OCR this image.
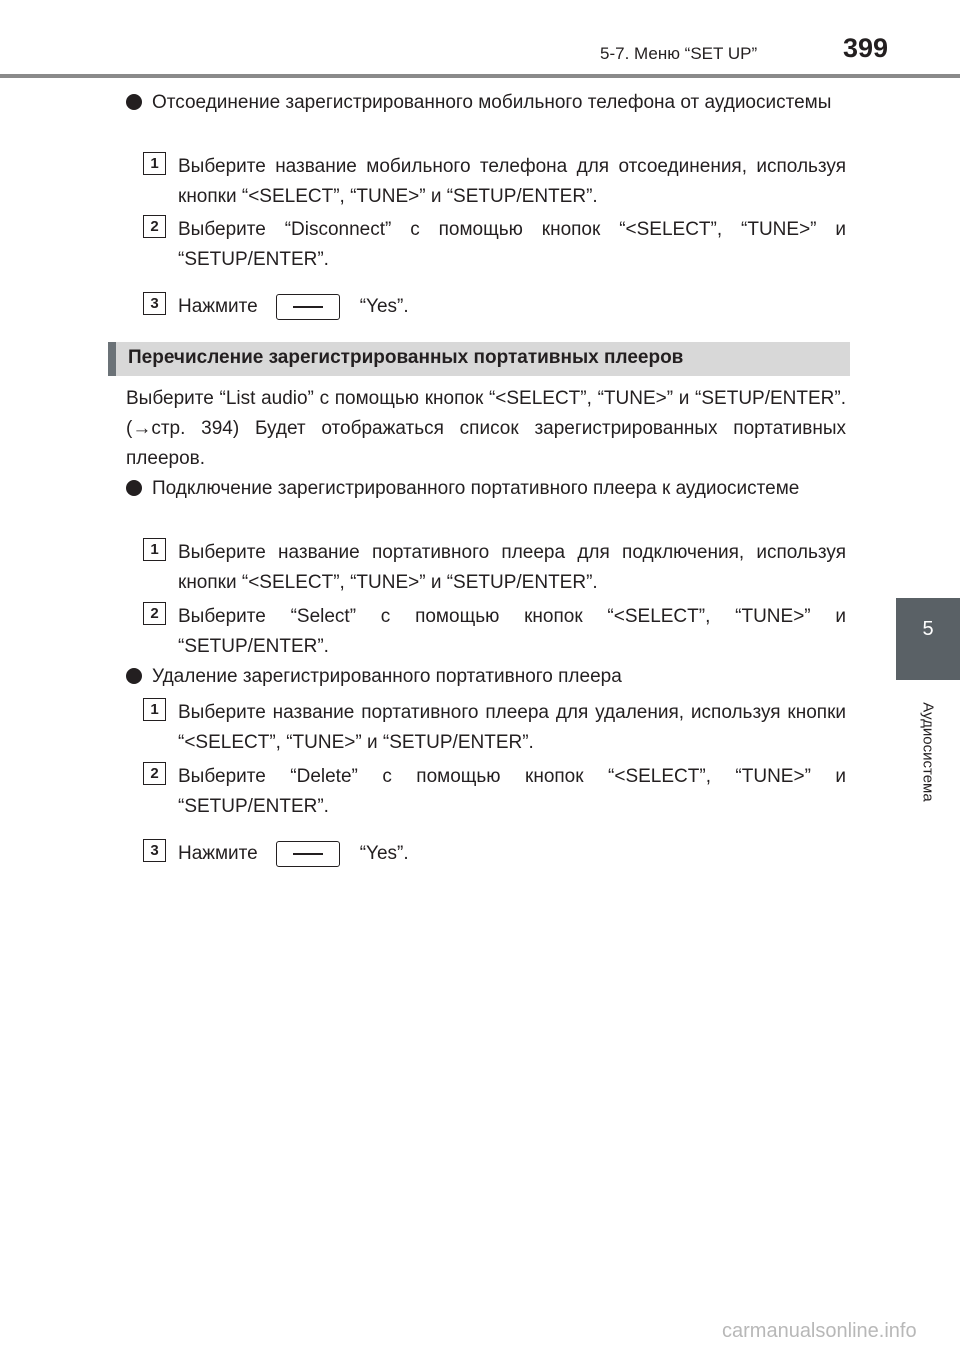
5-7. Меню “SET UP”	399
5
Аудиосистема
Отсоединение зарегистрированного мобильного телефона от аудиосистемы
1	Выберите название мобильного телефона для отсоединения, используя кнопки “<SELECT”, “TUNE>” и “SETUP/ENTER”.
2	Выберите “Disconnect” с помощью кнопок “<SELECT”, “TUNE>” и “SETUP/ENTER”.
3	Нажмите	“Yes”.
Перечисление зарегистрированных портативных плееров
Выберите “List audio” с помощью кнопок “<SELECT”, “TUNE>” и “SETUP/ENTER”. (→стр. 394) Будет отображаться список зарегистрированных портативных плееров.
Подключение зарегистрированного портативного плеера к аудиосистеме
1	Выберите название портативного плеера для подключения, используя кнопки “<SELECT”, “TUNE>” и “SETUP/ENTER”.
2	Выберите “Select” с помощью кнопок “<SELECT”, “TUNE>” и “SETUP/ENTER”.
Удаление зарегистрированного портативного плеера
1	Выберите название портативного плеера для удаления, используя кнопки “<SELECT”, “TUNE>” и “SETUP/ENTER”.
2	Выберите “Delete” с помощью кнопок “<SELECT”, “TUNE>” и “SETUP/ENTER”.
3	Нажмите	“Yes”.
carmanualsonline.info
